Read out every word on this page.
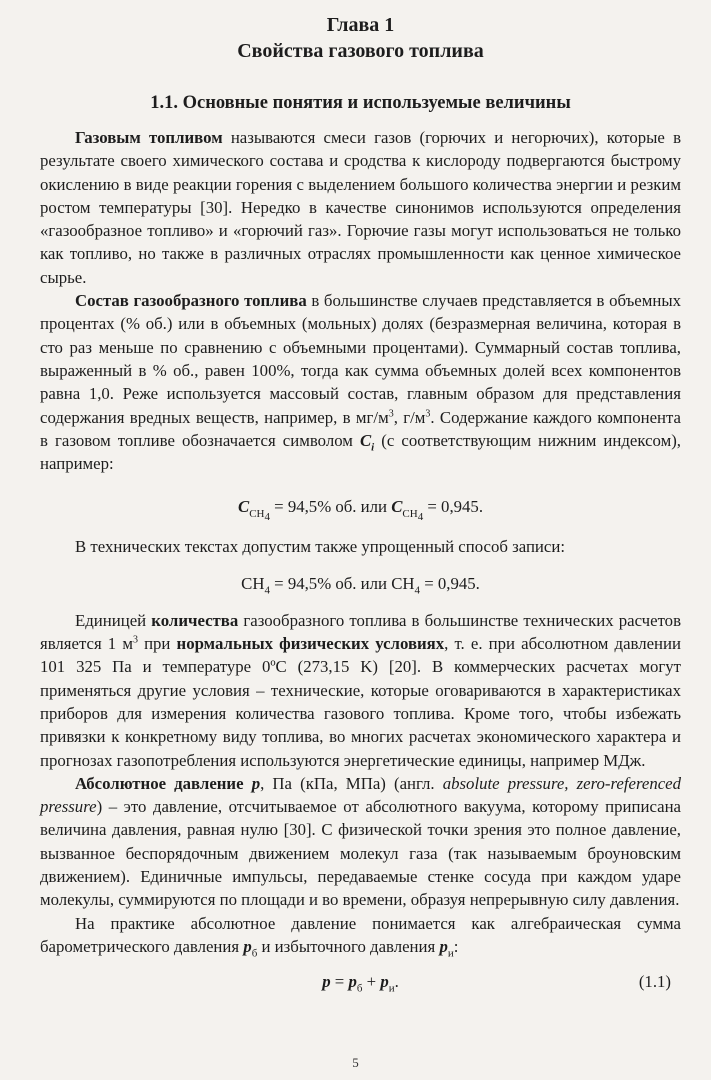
Глава 1
Свойства газового топлива
1.1. Основные понятия и используемые величины

Газовым топливом называются смеси газов (горючих и негорючих), которые в результате своего химического состава и сродства к кислороду подвергаются быстрому окислению в виде реакции горения с выделением большого количества энергии и резким ростом температуры [30]. Нередко в качестве синонимов используются определения «газообразное топливо» и «горючий газ». Горючие газы могут использоваться не только как топливо, но также в различных отраслях промышленности как ценное химическое сырье.

Состав газообразного топлива в большинстве случаев представляется в объемных процентах (% об.) или в объемных (мольных) долях (безразмерная величина, которая в сто раз меньше по сравнению с объемными процентами). Суммарный состав топлива, выраженный в % об., равен 100%, тогда как сумма объемных долей всех компонентов равна 1,0. Реже используется массовый состав, главным образом для представления содержания вредных веществ, например, в $мг/м^3$, $г/м^3$. Содержание каждого компонента в газовом топливе обозначается символом $C_i$ (с соответствующим нижним индексом), например:

$C_{CH_4} = 94,5\%$ об. или $C_{CH_4} = 0,945$.

В технических текстах допустим также упрощенный способ записи:

$CH_4 = 94,5\%$ об. или $CH_4 = 0,945$.

Единицей количества газообразного топлива в большинстве технических расчетов является 1 $м^3$ при нормальных физических условиях, т. е. при абсолютном давлении 101 325 Па и температуре 0ºС (273,15 K) [20]. В коммерческих расчетах могут применяться другие условия – технические, которые оговариваются в характеристиках приборов для измерения количества газового топлива. Кроме того, чтобы избежать привязки к конкретному виду топлива, во многих расчетах экономического характера и прогнозах газопотребления используются энергетические единицы, например МДж.

Абсолютное давление p, Па (кПа, МПа) (англ. absolute pressure, zero-referenced pressure) – это давление, отсчитываемое от абсолютного вакуума, которому приписана величина давления, равная нулю [30]. С физической точки зрения это полное давление, вызванное беспорядочным движением молекул газа (так называемым броуновским движением). Единичные импульсы, передаваемые стенке сосуда при каждом ударе молекулы, суммируются по площади и во времени, образуя непрерывную силу давления.

На практике абсолютное давление понимается как алгебраическая сумма барометрического давления $p_б$ и избыточного давления $p_и$:

$p = p_б + p_и$.	(1.1)

5
